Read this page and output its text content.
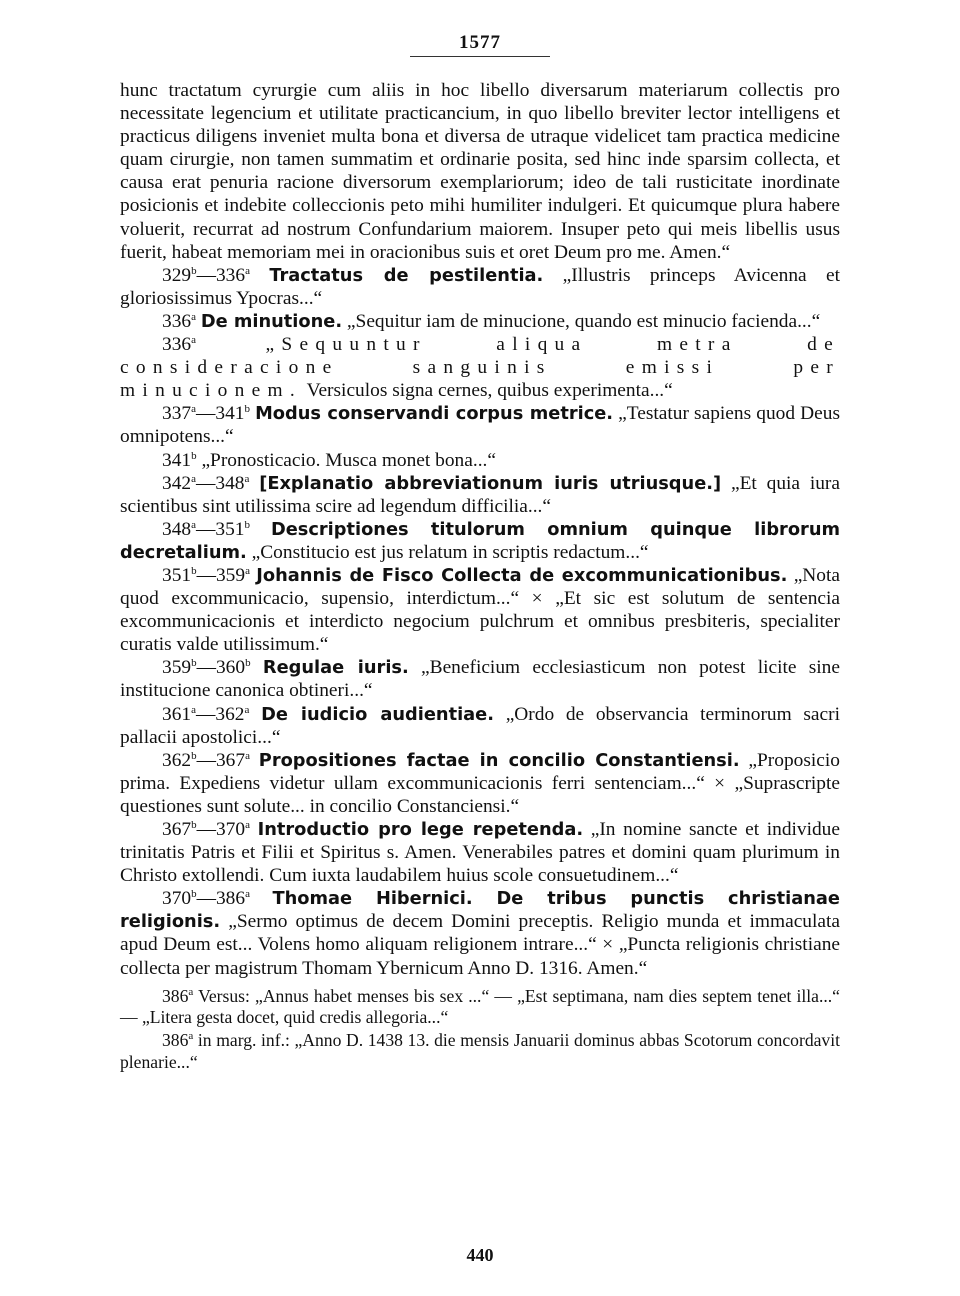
1577

hunc tractatum cyrurgie cum aliis in hoc libello diversarum materiarum collectis pro necessitate legencium et utilitate practicancium, in quo libello breviter lector intelligens et practicus diligens inveniet multa bona et diversa de utraque videlicet tam practica medicine quam cirurgie, non tamen summatim et ordinarie posita, sed hinc inde sparsim collecta, et causa erat penuria racione diversorum exemplariorum; ideo de tali rusticitate inordinate posicionis et indebite colleccionis peto mihi humiliter indulgeri. Et quicumque plura habere voluerit, recurrat ad nostrum Confundarium maiorem. Insuper peto qui meis libellis usus fuerit, habeat memoriam mei in oracionibus suis et oret Deum pro me. Amen.“

329$^b$—336$^a$ Tractatus de pestilentia. „Illustris princeps Avicenna et gloriosissimus Ypocras...“

336$^a$ De minutione. „Sequitur iam de minucione, quando est minucio facienda...“

336$^a$ „Sequuntur aliqua metra de consideracione sanguinis emissi per minucionem. Versiculos signa cernes, quibus experimenta...“

337$^a$—341$^b$ Modus conservandi corpus metrice. „Testatur sapiens quod Deus omnipotens...“

341$^b$ „Pronosticacio. Musca monet bona...“

342$^a$—348$^a$ [Explanatio abbreviationum iuris utriusque.] „Et quia iura scientibus sint utilissima scire ad legendum difficilia...“

348$^a$—351$^b$ Descriptiones titulorum omnium quinque librorum decretalium. „Constitucio est jus relatum in scriptis redactum...“

351$^b$—359$^a$ Johannis de Fisco Collecta de excommunicationibus. „Nota quod excommunicacio, supensio, interdictum...“ × „Et sic est solutum de sentencia excommunicacionis et interdicto negocium pulchrum et omnibus presbiteris, specialiter curatis valde utilissimum.“

359$^b$—360$^b$ Regulae iuris. „Beneficium ecclesiasticum non potest licite sine institucione canonica obtineri...“

361$^a$—362$^a$ De iudicio audientiae. „Ordo de observancia terminorum sacri pallacii apostolici...“

362$^b$—367$^a$ Propositiones factae in concilio Constantiensi. „Proposicio prima. Expediens videtur ullam excommunicacionis ferri sentenciam...“ × „Suprascripte questiones sunt solute... in concilio Constanciensi.“

367$^b$—370$^a$ Introductio pro lege repetenda. „In nomine sancte et individue trinitatis Patris et Filii et Spiritus s. Amen. Venerabiles patres et domini quam plurimum in Christo extollendi. Cum iuxta laudabilem huius scole consuetudinem...“

370$^b$—386$^a$ Thomae Hibernici. De tribus punctis christianae religionis. „Sermo optimus de decem Domini preceptis. Religio munda et immaculata apud Deum est... Volens homo aliquam religionem intrare...“ × „Puncta religionis christiane collecta per magistrum Thomam Ybernicum Anno D. 1316. Amen.“

386$^a$ Versus: „Annus habet menses bis sex ...“ — „Est septimana, nam dies septem tenet illa...“ — „Litera gesta docet, quid credis allegoria...“

386$^a$ in marg. inf.: „Anno D. 1438 13. die mensis Januarii dominus abbas Scotorum concordavit plenarie...“

440
